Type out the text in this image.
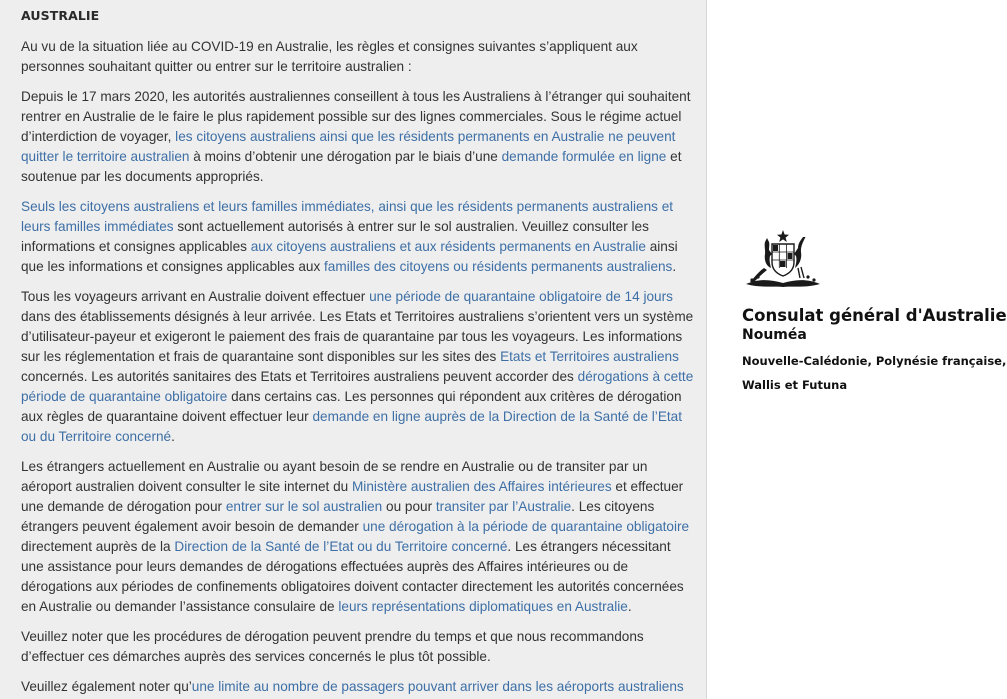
AUSTRALIE

Au vu de la situation liée au COVID-19 en Australie, les règles et consignes suivantes s’appliquent aux personnes souhaitant quitter ou entrer sur le territoire australien :

Depuis le 17 mars 2020, les autorités australiennes conseillent à tous les Australiens à l’étranger qui souhaitent rentrer en Australie de le faire le plus rapidement possible sur des lignes commerciales. Sous le régime actuel d’interdiction de voyager, les citoyens australiens ainsi que les résidents permanents en Australie ne peuvent quitter le territoire australien à moins d’obtenir une dérogation par le biais d’une demande formulée en ligne et soutenue par les documents appropriés.

Seuls les citoyens australiens et leurs familles immédiates, ainsi que les résidents permanents australiens et leurs familles immédiates sont actuellement autorisés à entrer sur le sol australien. Veuillez consulter les informations et consignes applicables aux citoyens australiens et aux résidents permanents en Australie ainsi que les informations et consignes applicables aux familles des citoyens ou résidents permanents australiens.

Tous les voyageurs arrivant en Australie doivent effectuer une période de quarantaine obligatoire de 14 jours dans des établissements désignés à leur arrivée. Les Etats et Territoires australiens s’orientent vers un système d’utilisateur-payeur et exigeront le paiement des frais de quarantaine par tous les voyageurs. Les informations sur les réglementation et frais de quarantaine sont disponibles sur les sites des Etats et Territoires australiens concernés. Les autorités sanitaires des Etats et Territoires australiens peuvent accorder des dérogations à cette période de quarantaine obligatoire dans certains cas. Les personnes qui répondent aux critères de dérogation aux règles de quarantaine doivent effectuer leur demande en ligne auprès de la Direction de la Santé de l’Etat ou du Territoire concerné.

Les étrangers actuellement en Australie ou ayant besoin de se rendre en Australie ou de transiter par un aéroport australien doivent consulter le site internet du Ministère australien des Affaires intérieures et effectuer une demande de dérogation pour entrer sur le sol australien ou pour transiter par l’Australie. Les citoyens étrangers peuvent également avoir besoin de demander une dérogation à la période de quarantaine obligatoire directement auprès de la Direction de la Santé de l’Etat ou du Territoire concerné. Les étrangers nécessitant une assistance pour leurs demandes de dérogations effectuées auprès des Affaires intérieures ou de dérogations aux périodes de confinements obligatoires doivent contacter directement les autorités concernées en Australie ou demander l’assistance consulaire de leurs représentations diplomatiques en Australie.

Veuillez noter que les procédures de dérogation peuvent prendre du temps et que nous recommandons d’effectuer ces démarches auprès des services concernés le plus tôt possible.

Veuillez également noter qu’une limite au nombre de passagers pouvant arriver dans les aéroports australiens

Consulat général d'Australie
Nouméa
Nouvelle-Calédonie, Polynésie française, Wallis et Futuna
